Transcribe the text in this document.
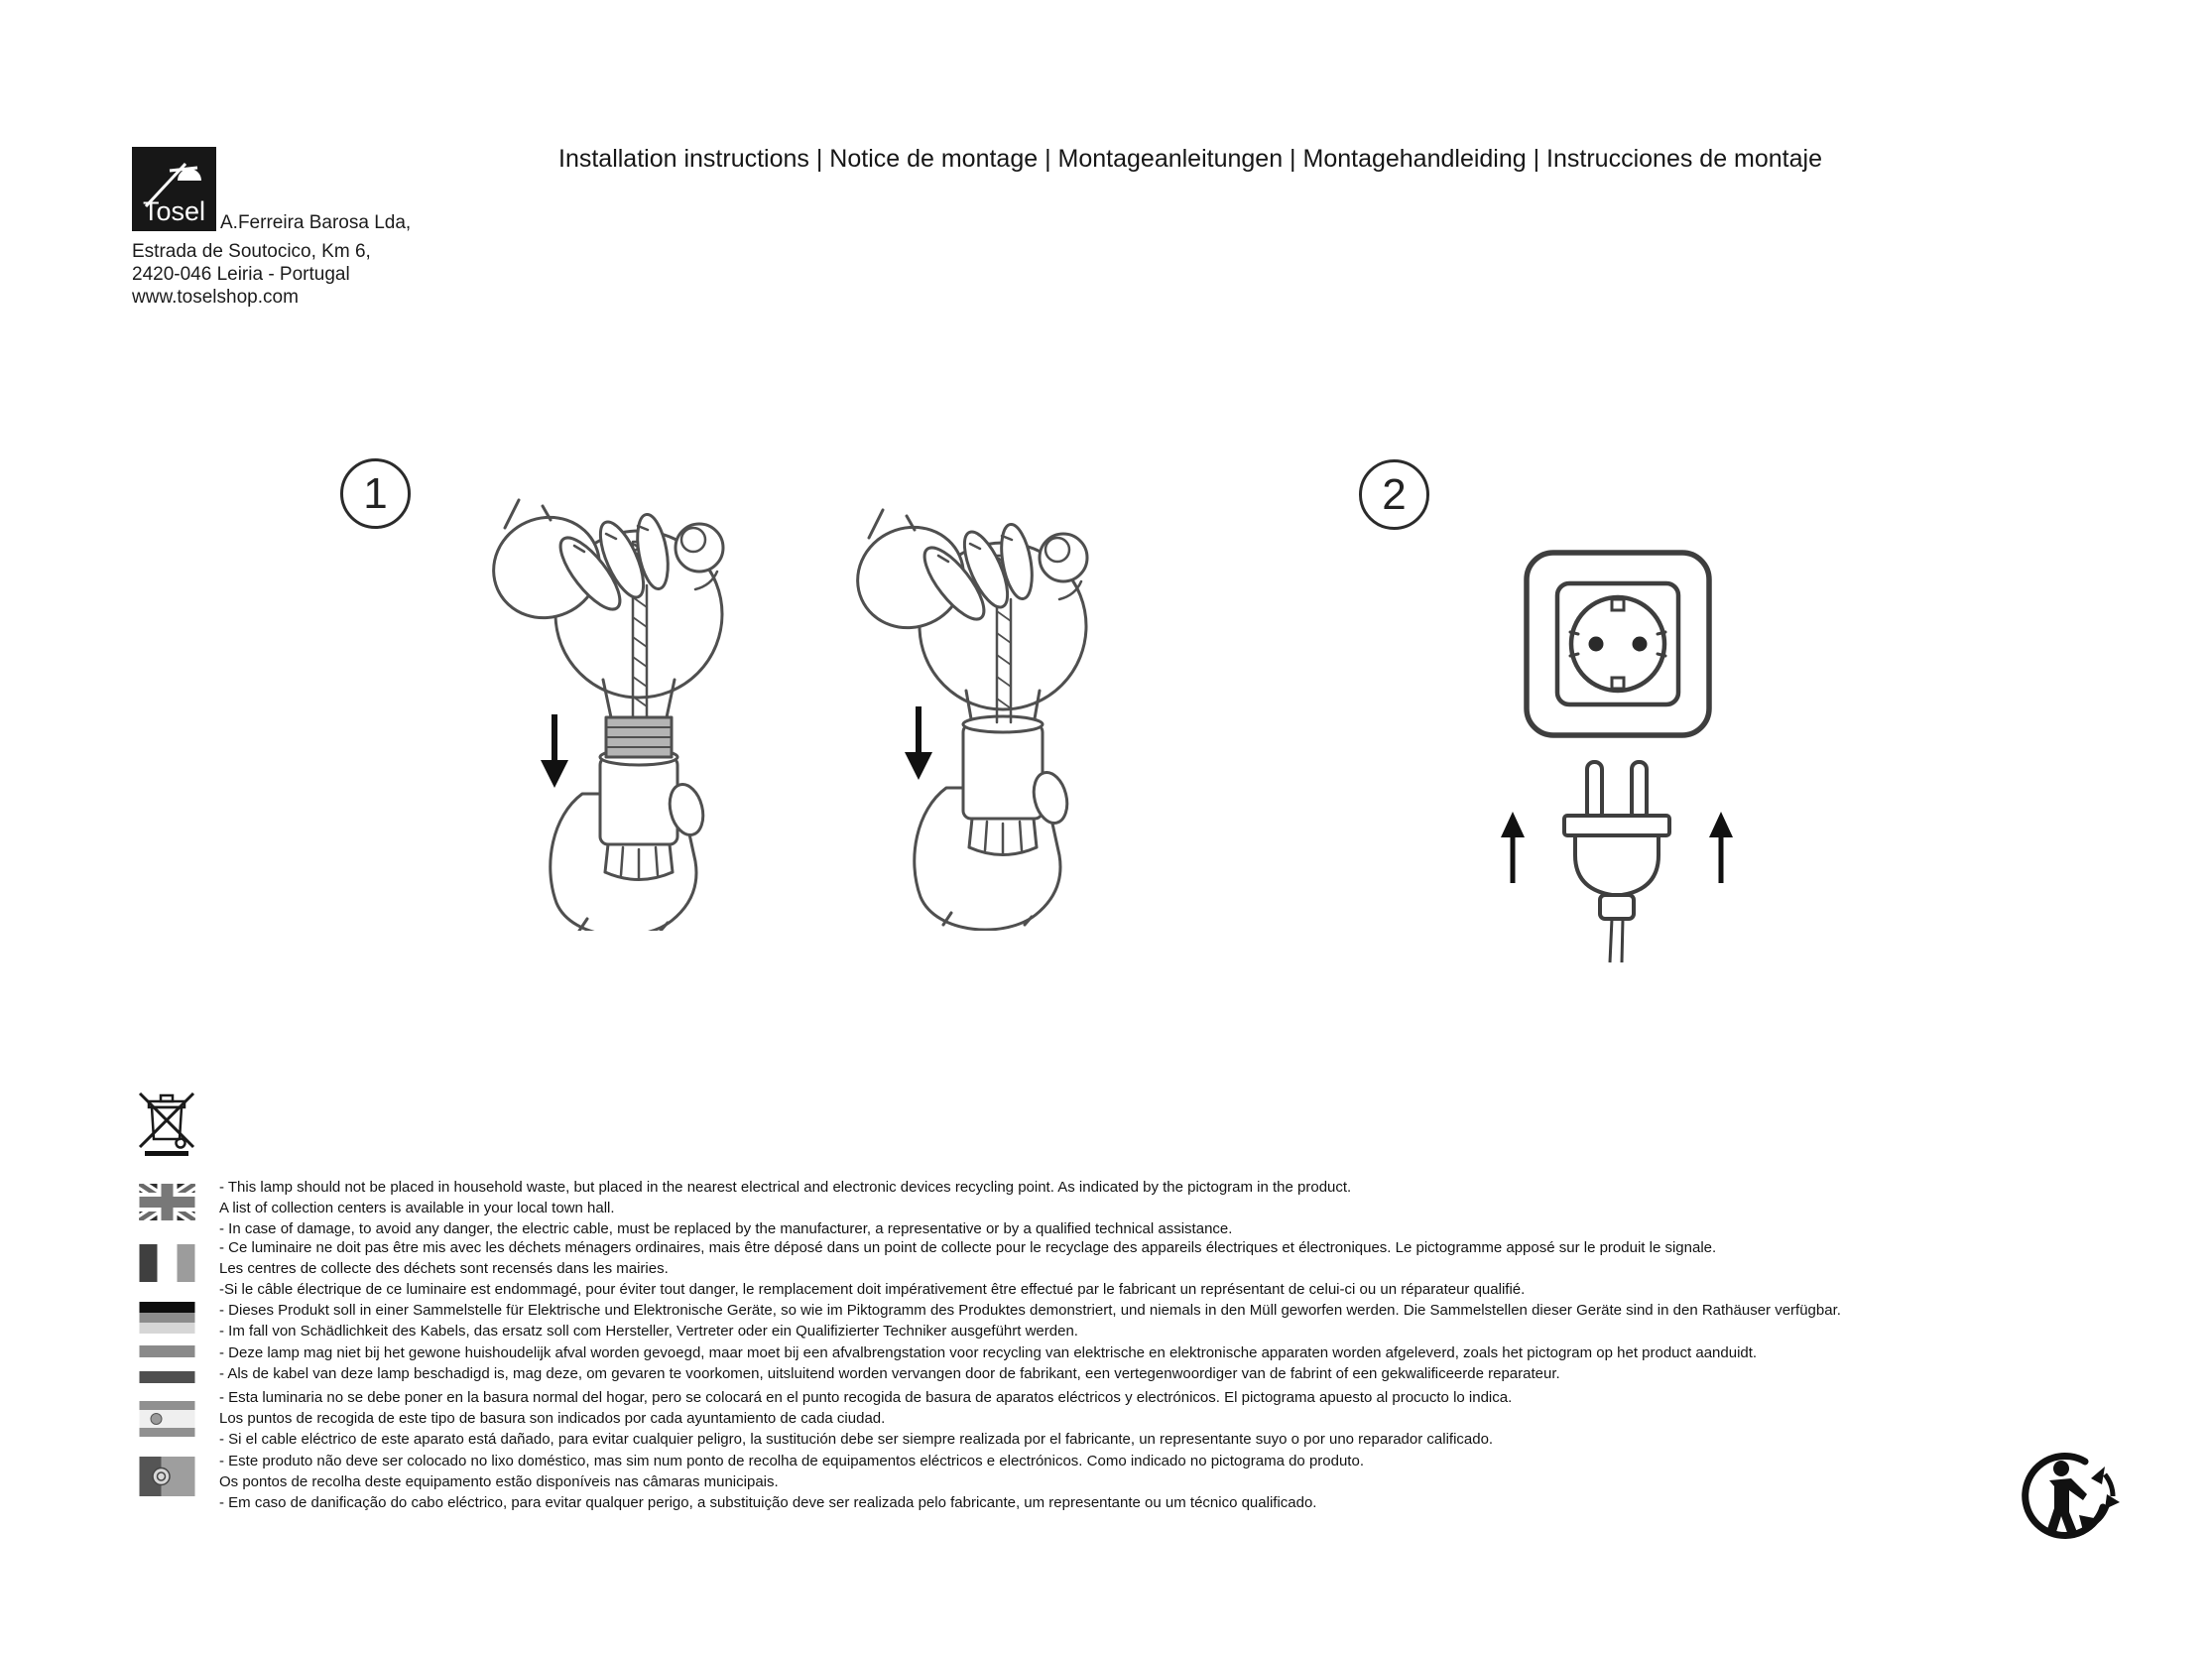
Tosel
Installation instructions | Notice de montage | Montageanleitungen | Montagehandleiding | Instrucciones de montaje
A.Ferreira Barosa Lda,
Estrada de Soutocico, Km 6,
2420-046 Leiria - Portugal
www.toselshop.com
1	2
- This lamp should not be placed in household waste, but placed in the nearest electrical and electronic devices recycling point. As indicated by the pictogram in the product.
A list of collection centers is available in your local town hall.
- In case of damage, to avoid any danger, the electric cable, must be replaced by the manufacturer, a representative or by a qualified technical assistance.
- Ce luminaire ne doit pas être mis avec les déchets ménagers ordinaires, mais être déposé dans un point de collecte pour le recyclage des appareils électriques et électroniques. Le pictogramme apposé sur le produit le signale.
Les centres de collecte des déchets sont recensés dans les mairies.
-Si le câble électrique de ce luminaire est endommagé, pour éviter tout danger, le remplacement doit impérativement être effectué par le fabricant un représentant de celui-ci ou un réparateur qualifié.
- Dieses Produkt soll in einer Sammelstelle für Elektrische und Elektronische Geräte, so wie im Piktogramm des Produktes demonstriert, und niemals in den Müll geworfen werden. Die Sammelstellen dieser Geräte sind in den Rathäuser verfügbar.
- Im fall von Schädlichkeit des Kabels, das ersatz soll com Hersteller, Vertreter oder ein Qualifizierter Techniker ausgeführt werden.
- Deze lamp mag niet bij het gewone huishoudelijk afval worden gevoegd, maar moet bij een afvalbrengstation voor recycling van elektrische en elektronische apparaten worden afgeleverd, zoals het pictogram op het product aanduidt.
- Als de kabel van deze lamp beschadigd is, mag deze, om gevaren te voorkomen, uitsluitend worden vervangen door de fabrikant, een vertegenwoordiger van de fabrint of een gekwalificeerde reparateur.
- Esta luminaria no se debe poner en la basura normal del hogar, pero se colocará en el punto recogida de basura de aparatos eléctricos y electrónicos. El pictograma apuesto al procucto lo indica.
Los puntos de recogida de este tipo de basura son indicados por cada ayuntamiento de cada ciudad.
- Si el cable eléctrico de este aparato está dañado, para evitar cualquier peligro, la sustitución debe ser siempre realizada por el fabricante, un representante suyo o por uno reparador calificado.
- Este produto não deve ser colocado no lixo doméstico, mas sim num ponto de recolha de equipamentos eléctricos e electrónicos. Como indicado no pictograma do produto.
Os pontos de recolha deste equipamento estão disponíveis nas câmaras municipais.
- Em caso de danificação do cabo eléctrico, para evitar qualquer perigo, a substituição deve ser realizada pelo fabricante, um representante ou um técnico qualificado.
